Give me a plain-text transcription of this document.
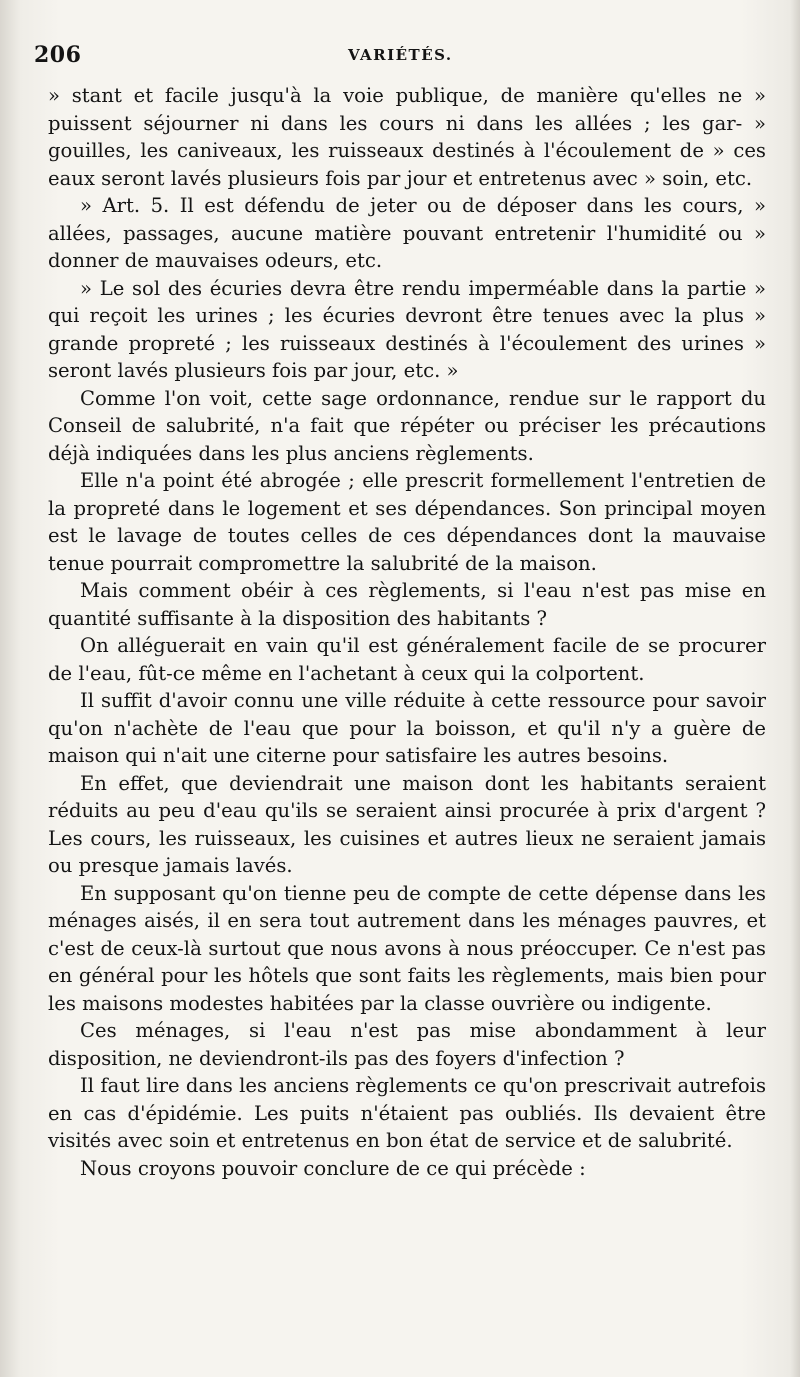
206	VARIÉTÉS.

» stant et facile jusqu'à la voie publique, de manière qu'elles ne » puissent séjourner ni dans les cours ni dans les allées ; les gar- » gouilles, les caniveaux, les ruisseaux destinés à l'écoulement de » ces eaux seront lavés plusieurs fois par jour et entretenus avec » soin, etc.

» Art. 5. Il est défendu de jeter ou de déposer dans les cours, » allées, passages, aucune matière pouvant entretenir l'humidité ou » donner de mauvaises odeurs, etc.

» Le sol des écuries devra être rendu imperméable dans la partie » qui reçoit les urines ; les écuries devront être tenues avec la plus » grande propreté ; les ruisseaux destinés à l'écoulement des urines » seront lavés plusieurs fois par jour, etc. »

Comme l'on voit, cette sage ordonnance, rendue sur le rapport du Conseil de salubrité, n'a fait que répéter ou préciser les précautions déjà indiquées dans les plus anciens règlements.

Elle n'a point été abrogée ; elle prescrit formellement l'entretien de la propreté dans le logement et ses dépendances. Son principal moyen est le lavage de toutes celles de ces dépendances dont la mauvaise tenue pourrait compromettre la salubrité de la maison.

Mais comment obéir à ces règlements, si l'eau n'est pas mise en quantité suffisante à la disposition des habitants ?

On alléguerait en vain qu'il est généralement facile de se procurer de l'eau, fût-ce même en l'achetant à ceux qui la colportent.

Il suffit d'avoir connu une ville réduite à cette ressource pour savoir qu'on n'achète de l'eau que pour la boisson, et qu'il n'y a guère de maison qui n'ait une citerne pour satisfaire les autres besoins.

En effet, que deviendrait une maison dont les habitants seraient réduits au peu d'eau qu'ils se seraient ainsi procurée à prix d'argent ? Les cours, les ruisseaux, les cuisines et autres lieux ne seraient jamais ou presque jamais lavés.

En supposant qu'on tienne peu de compte de cette dépense dans les ménages aisés, il en sera tout autrement dans les ménages pauvres, et c'est de ceux-là surtout que nous avons à nous préoccuper. Ce n'est pas en général pour les hôtels que sont faits les règlements, mais bien pour les maisons modestes habitées par la classe ouvrière ou indigente.

Ces ménages, si l'eau n'est pas mise abondamment à leur disposition, ne deviendront-ils pas des foyers d'infection ?

Il faut lire dans les anciens règlements ce qu'on prescrivait autrefois en cas d'épidémie. Les puits n'étaient pas oubliés. Ils devaient être visités avec soin et entretenus en bon état de service et de salubrité.

Nous croyons pouvoir conclure de ce qui précède :
